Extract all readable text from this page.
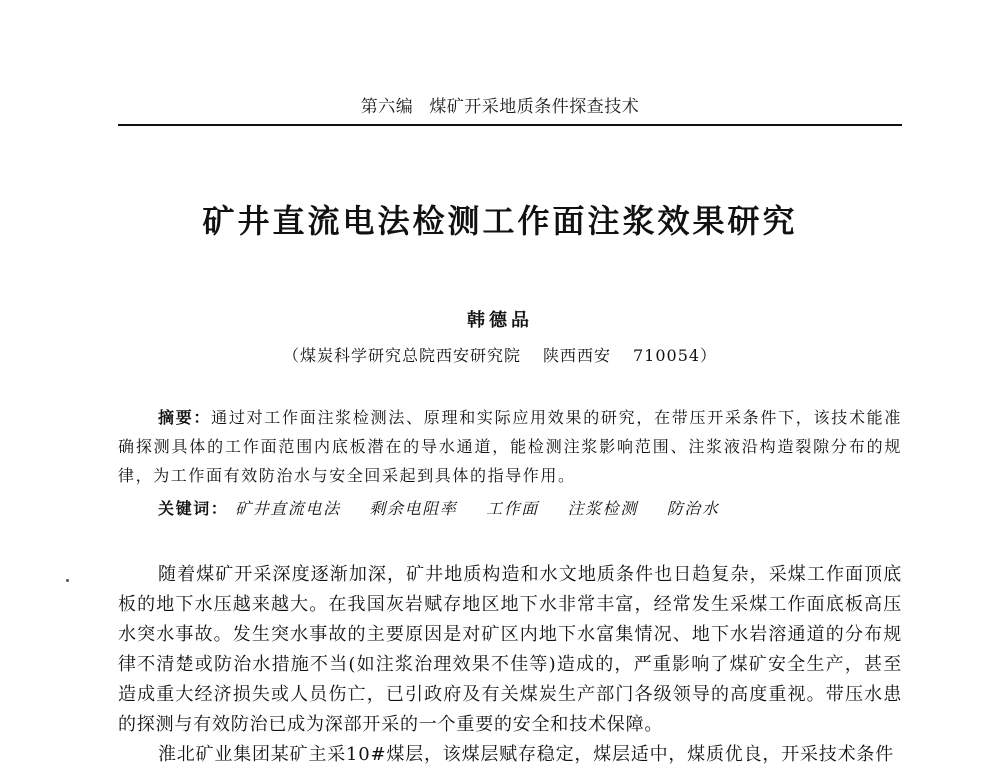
第六编 煤矿开采地质条件探查技术
矿井直流电法检测工作面注浆效果研究
韩德品
（煤炭科学研究总院西安研究院 陕西西安 710054）

摘要：通过对工作面注浆检测法、原理和实际应用效果的研究，在带压开采条件下，该技术能准确探测具体的工作面范围内底板潜在的导水通道，能检测注浆影响范围、注浆液沿构造裂隙分布的规律，为工作面有效防治水与安全回采起到具体的指导作用。

关键词： 矿井直流电法 剩余电阻率 工作面 注浆检测 防治水

随着煤矿开采深度逐渐加深，矿井地质构造和水文地质条件也日趋复杂，采煤工作面顶底板的地下水压越来越大。在我国灰岩赋存地区地下水非常丰富，经常发生采煤工作面底板高压水突水事故。发生突水事故的主要原因是对矿区内地下水富集情况、地下水岩溶通道的分布规律不清楚或防治水措施不当(如注浆治理效果不佳等)造成的，严重影响了煤矿安全生产，甚至造成重大经济损失或人员伤亡，已引政府及有关煤炭生产部门各级领导的高度重视。带压水患的探测与有效防治已成为深部开采的一个重要的安全和技术保障。

淮北矿业集团某矿主采10#煤层，该煤层赋存稳定，煤层适中，煤质优良，开采技术条件
